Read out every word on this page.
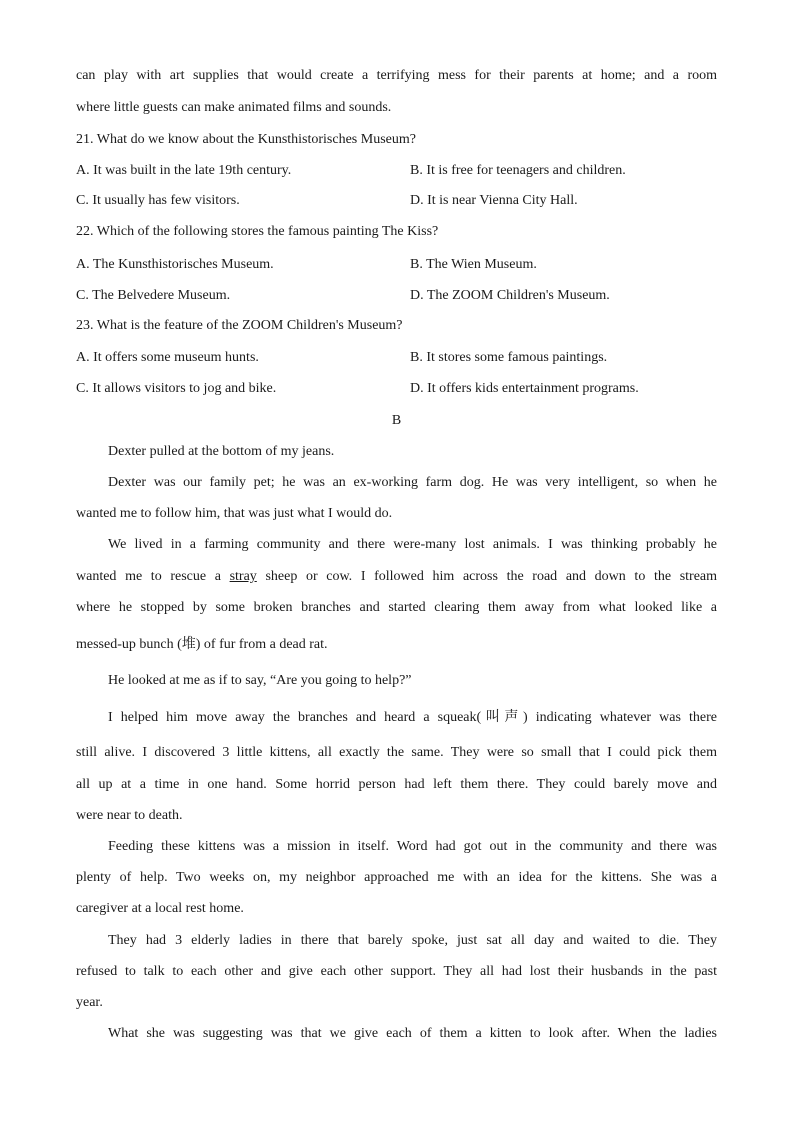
can play with art supplies that would create a terrifying mess for their parents at home; and a room
where little guests can make animated films and sounds.
21. What do we know about the Kunsthistorisches Museum?
A. It was built in the late 19th century.	B. It is free for teenagers and children.
C. It usually has few visitors.	D. It is near Vienna City Hall.
22. Which of the following stores the famous painting The Kiss?
A. The Kunsthistorisches Museum.	B. The Wien Museum.
C. The Belvedere Museum.	D. The ZOOM Children's Museum.
23. What is the feature of the ZOOM Children's Museum?
A. It offers some museum hunts.	B. It stores some famous paintings.
C. It allows visitors to jog and bike.	D. It offers kids entertainment programs.
B
Dexter pulled at the bottom of my jeans.
Dexter was our family pet; he was an ex-working farm dog. He was very intelligent, so when he
wanted me to follow him, that was just what I would do.
We lived in a farming community and there were-many lost animals. I was thinking probably he
wanted me to rescue a stray sheep or cow. I followed him across the road and down to the stream
where he stopped by some broken branches and started clearing them away from what looked like a
messed-up bunch (堆) of fur from a dead rat.
He looked at me as if to say, “Are you going to help?”
I helped him move away the branches and heard a squeak(叫声) indicating whatever was there
still alive. I discovered 3 little kittens, all exactly the same. They were so small that I could pick them
all up at a time in one hand. Some horrid person had left them there. They could barely move and
were near to death.
Feeding these kittens was a mission in itself. Word had got out in the community and there was
plenty of help. Two weeks on, my neighbor approached me with an idea for the kittens. She was a
caregiver at a local rest home.
They had 3 elderly ladies in there that barely spoke, just sat all day and waited to die. They
refused to talk to each other and give each other support. They all had lost their husbands in the past
year.
What she was suggesting was that we give each of them a kitten to look after. When the ladies
